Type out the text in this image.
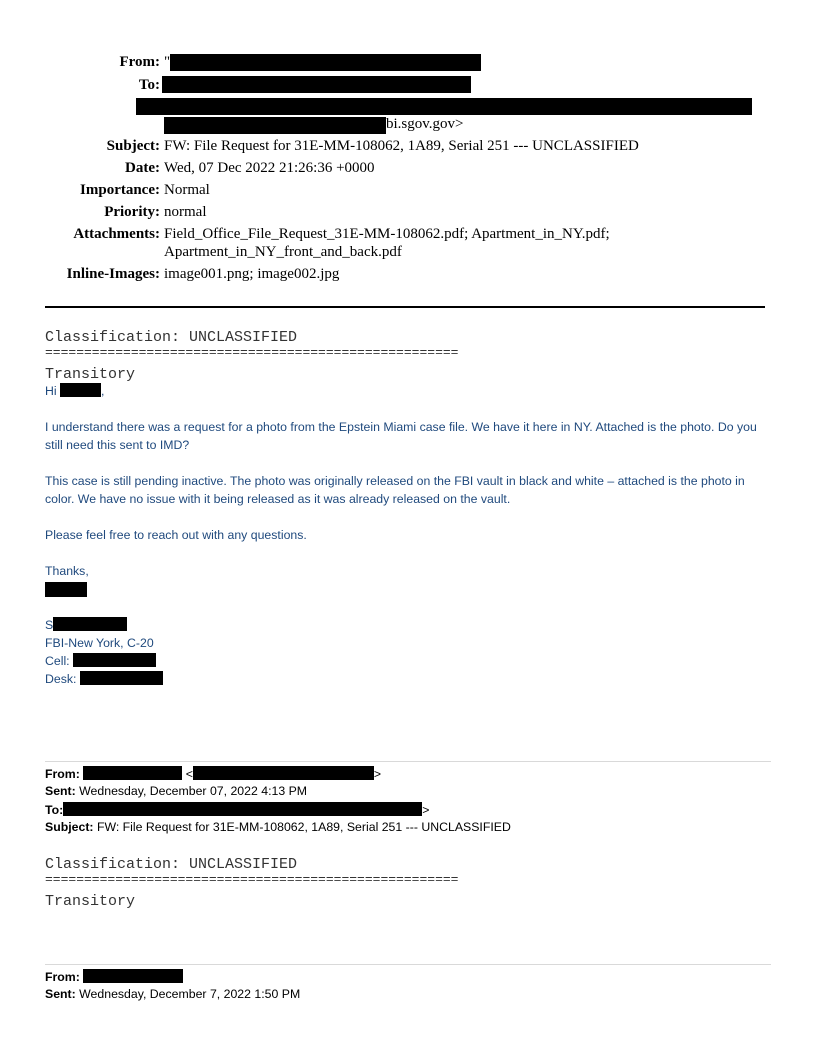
From: "
To:
bi.sgov.gov>
Subject: FW: File Request for 31E-MM-108062, 1A89, Serial 251 --- UNCLASSIFIED
Date: Wed, 07 Dec 2022 21:26:36 +0000
Importance: Normal
Priority: normal
Attachments: Field_Office_File_Request_31E-MM-108062.pdf; Apartment_in_NY.pdf;
Apartment_in_NY_front_and_back.pdf
Inline-Images: image001.png; image002.jpg
Classification: UNCLASSIFIED
=====================================================
Transitory
Hi	,
I understand there was a request for a photo from the Epstein Miami case file. We have it here in NY. Attached is the photo. Do you still need this sent to IMD?
This case is still pending inactive. The photo was originally released on the FBI vault in black and white – attached is the photo in color. We have no issue with it being released as it was already released on the vault.
Please feel free to reach out with any questions.
Thanks,
S
FBI-New York, C-20
Cell:
Desk:
From:	<	>
Sent: Wednesday, December 07, 2022 4:13 PM
To:	>
Subject: FW: File Request for 31E-MM-108062, 1A89, Serial 251 --- UNCLASSIFIED
Classification: UNCLASSIFIED
=====================================================
Transitory
From:
Sent: Wednesday, December 7, 2022 1:50 PM
